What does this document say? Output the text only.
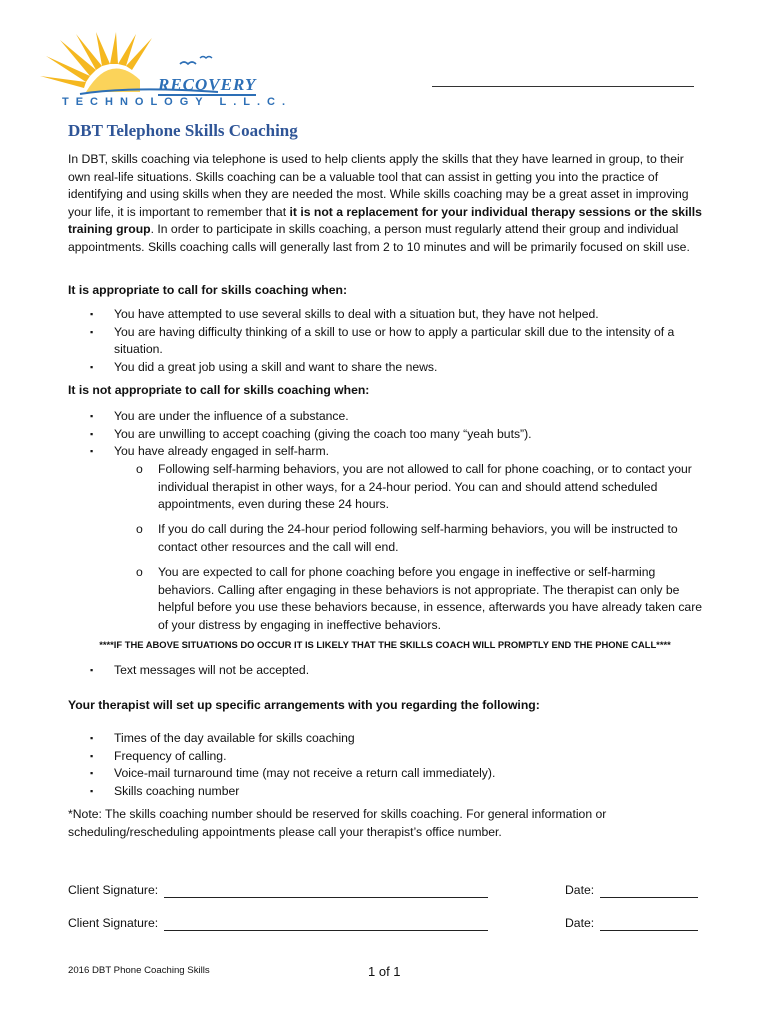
RECOVERY
TECHNOLOGY L.L.C.
DBT Telephone Skills Coaching

In DBT, skills coaching via telephone is used to help clients apply the skills that they have learned in group, to their own real-life situations. Skills coaching can be a valuable tool that can assist in getting you into the practice of identifying and using skills when they are needed the most. While skills coaching may be a great asset in improving your life, it is important to remember that it is not a replacement for your individual therapy sessions or the skills training group. In order to participate in skills coaching, a person must regularly attend their group and individual appointments. Skills coaching calls will generally last from 2 to 10 minutes and will be primarily focused on skill use.

It is appropriate to call for skills coaching when:

▪ You have attempted to use several skills to deal with a situation but, they have not helped.
▪ You are having difficulty thinking of a skill to use or how to apply a particular skill due to the intensity of a situation.
▪ You did a great job using a skill and want to share the news.

It is not appropriate to call for skills coaching when:

▪ You are under the influence of a substance.
▪ You are unwilling to accept coaching (giving the coach too many “yeah buts”).
▪ You have already engaged in self-harm.
o Following self-harming behaviors, you are not allowed to call for phone coaching, or to contact your individual therapist in other ways, for a 24-hour period. You can and should attend scheduled appointments, even during these 24 hours.
o If you do call during the 24-hour period following self-harming behaviors, you will be instructed to contact other resources and the call will end.
o You are expected to call for phone coaching before you engage in ineffective or self-harming behaviors. Calling after engaging in these behaviors is not appropriate. The therapist can only be helpful before you use these behaviors because, in essence, afterwards you have already taken care of your distress by engaging in ineffective behaviors.

****IF THE ABOVE SITUATIONS DO OCCUR IT IS LIKELY THAT THE SKILLS COACH WILL PROMPTLY END THE PHONE CALL****

▪ Text messages will not be accepted.

Your therapist will set up specific arrangements with you regarding the following:

▪ Times of the day available for skills coaching
▪ Frequency of calling.
▪ Voice-mail turnaround time (may not receive a return call immediately).
▪ Skills coaching number

*Note: The skills coaching number should be reserved for skills coaching. For general information or scheduling/rescheduling appointments please call your therapist’s office number.

Client Signature:	Date:
Client Signature:	Date:
2016 DBT Phone Coaching Skills	1 of 1
